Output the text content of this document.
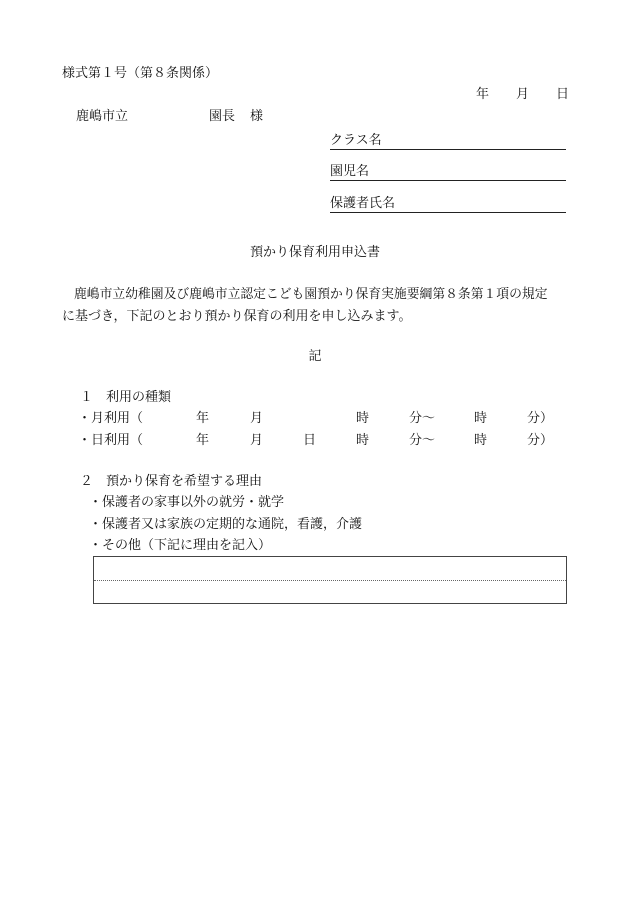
様式第１号（第８条関係）
年 月 日
鹿嶋市立	園長 様
クラス名
園児名
保護者氏名
預かり保育利用申込書
鹿嶋市立幼稚園及び鹿嶋市立認定こども園預かり保育実施要綱第８条第１項の規定
に基づき，下記のとおり預かり保育の利用を申し込みます。
記
１　利用の種類
・月利用（	年	月	時	分～	時	分）
・日利用（	年	月	日	時	分～	時	分）
２　預かり保育を希望する理由
・保護者の家事以外の就労・就学
・保護者又は家族の定期的な通院，看護，介護
・その他（下記に理由を記入）
